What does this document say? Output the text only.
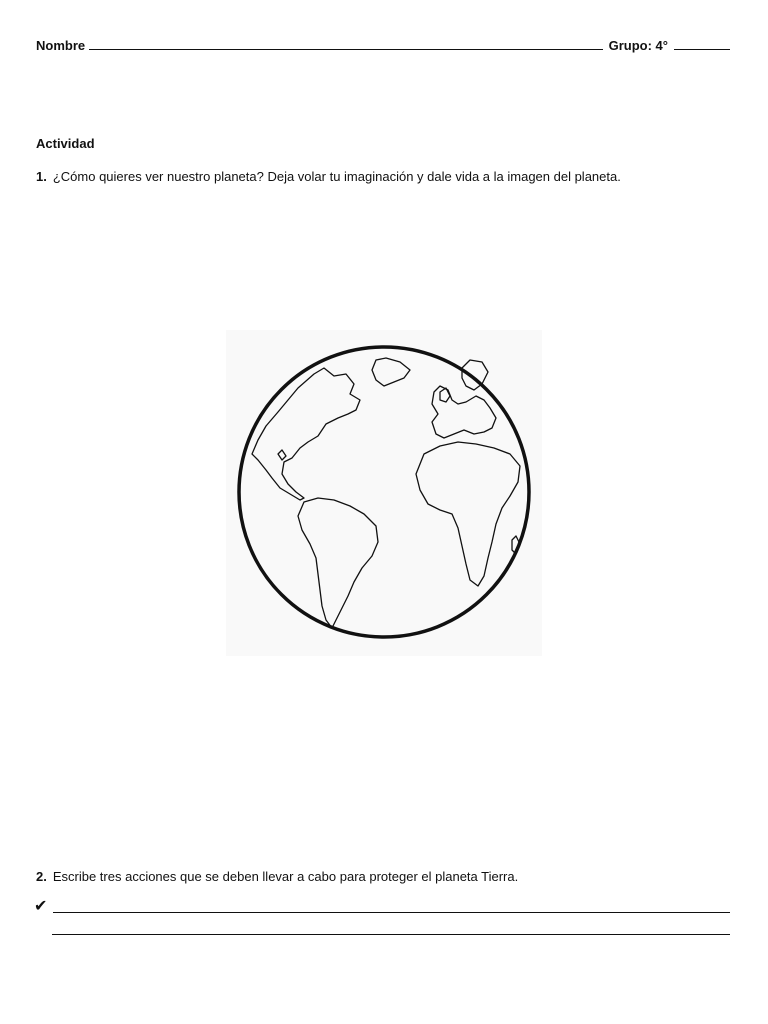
Nombre	Grupo: 4°
Actividad
1. ¿Cómo quieres ver nuestro planeta? Deja volar tu imaginación y dale vida a la imagen del planeta.
2. Escribe tres acciones que se deben llevar a cabo para proteger el planeta Tierra.
✔
